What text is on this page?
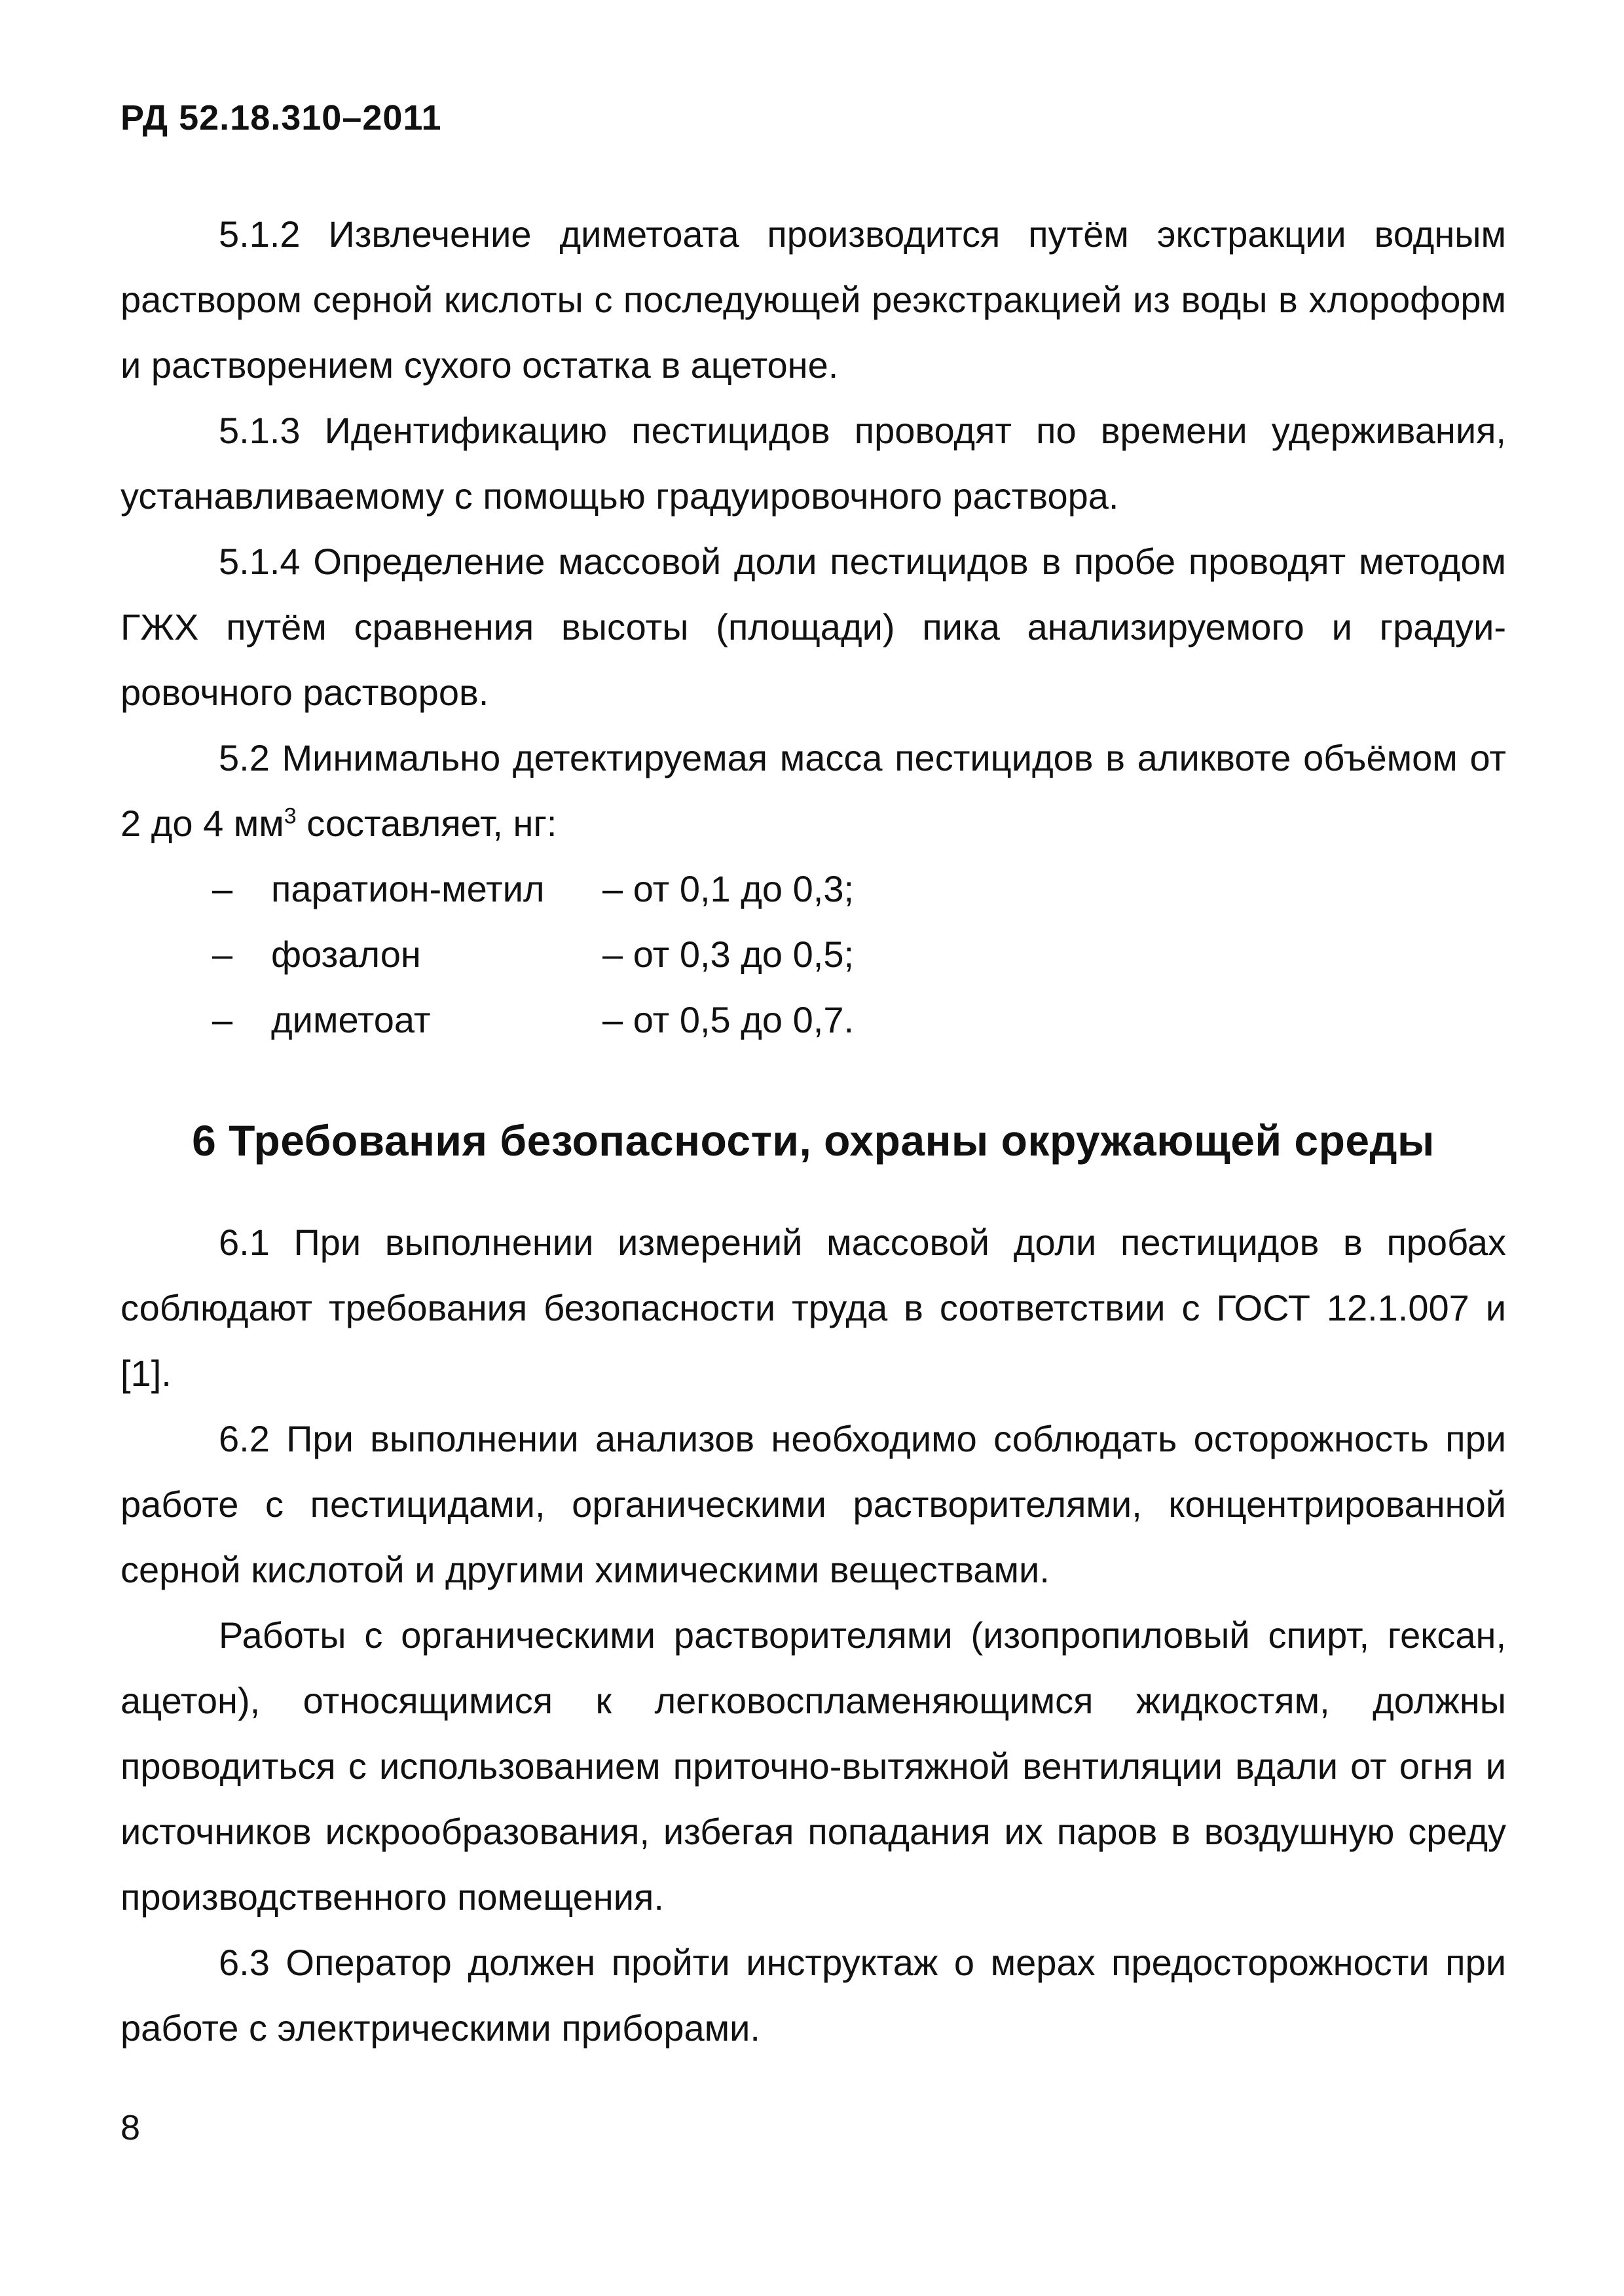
РД 52.18.310–2011

5.1.2 Извлечение диметоата производится путём экстракции водным раствором серной кислоты с последующей реэкстракцией из воды в хлороформ и растворением сухого остатка в ацетоне.

5.1.3 Идентификацию пестицидов проводят по времени удерживания, устанавливаемому с помощью градуировочного раствора.

5.1.4 Определение массовой доли пестицидов в пробе проводят методом ГЖХ путём сравнения высоты (площади) пика анализируемого и градуировочного растворов.

5.2 Минимально детектируемая масса пестицидов в аликвоте объёмом от 2 до 4 $мм^3$ составляет, нг:

–	паратион-метил	– от 0,1 до 0,3;
–	фозалон	– от 0,3 до 0,5;
–	диметоат	– от 0,5 до 0,7.
6 Требования безопасности, охраны окружающей среды

6.1 При выполнении измерений массовой доли пестицидов в пробах соблюдают требования безопасности труда в соответствии с ГОСТ 12.1.007 и [1].

6.2 При выполнении анализов необходимо соблюдать осторожность при работе с пестицидами, органическими растворителями, концентрированной серной кислотой и другими химическими веществами.

Работы с органическими растворителями (изопропиловый спирт, гексан, ацетон), относящимися к легковоспламеняющимся жидкостям, должны проводиться с использованием приточно-вытяжной вентиляции вдали от огня и источников искрообразования, избегая попадания их паров в воздушную среду производственного помещения.

6.3 Оператор должен пройти инструктаж о мерах предосторожности при работе с электрическими приборами.

8
